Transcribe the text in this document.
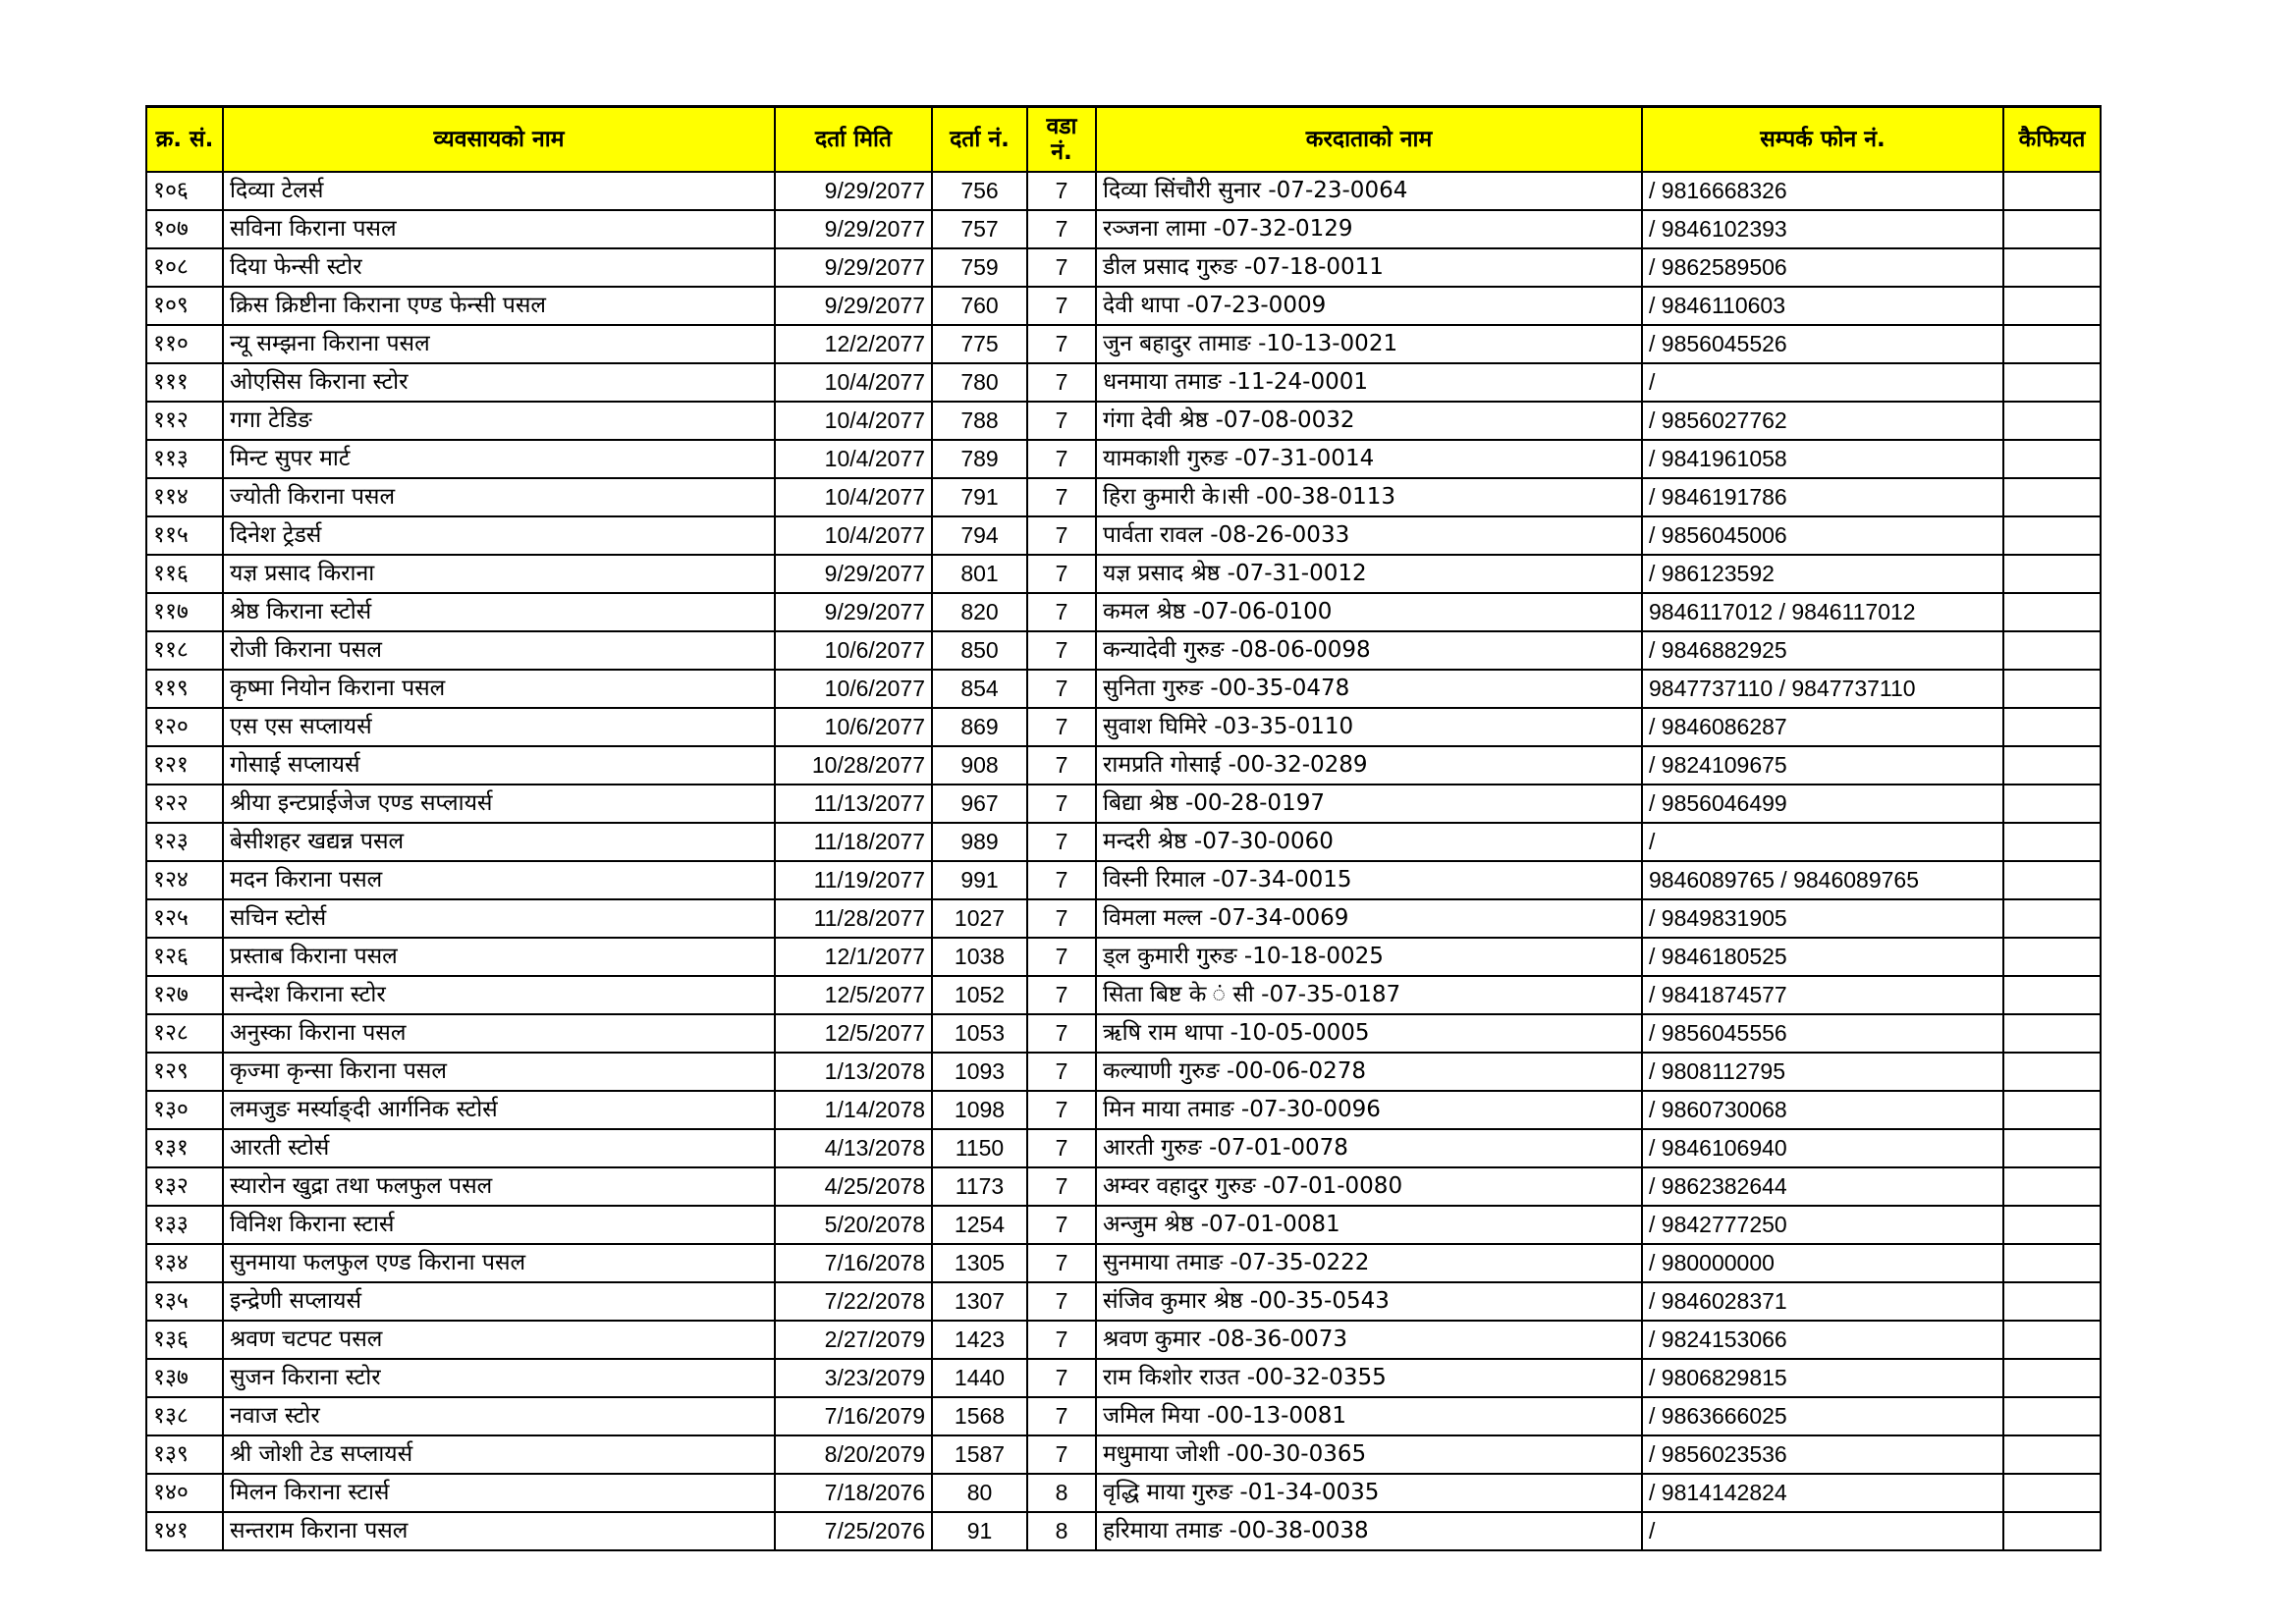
क्र. सं.	व्यवसायको नाम	दर्ता मिति	दर्ता नं.	वडा नं.	करदाताको नाम	सम्पर्क फोन नं.	कैफियत
१०६	दिव्या टेलर्स	9/29/2077	756	7	दिव्या सिंचौरी सुनार -07-23-0064	/ 9816668326	
१०७	सविना किराना पसल	9/29/2077	757	7	रञ्जना लामा -07-32-0129	/ 9846102393	
१०८	दिया फेन्सी स्टोर	9/29/2077	759	7	डील प्रसाद गुरुङ -07-18-0011	/ 9862589506	
१०९	क्रिस क्रिष्टीना किराना एण्ड फेन्सी पसल	9/29/2077	760	7	देवी थापा -07-23-0009	/ 9846110603	
११०	न्यू सम्झना किराना पसल	12/2/2077	775	7	जुन बहादुर तामाङ -10-13-0021	/ 9856045526	
१११	ओएसिस किराना स्टोर	10/4/2077	780	7	धनमाया तमाङ -11-24-0001	/	
११२	गगा टेडिङ	10/4/2077	788	7	गंगा देवी श्रेष्ठ -07-08-0032	/ 9856027762	
११३	मिन्ट सुपर मार्ट	10/4/2077	789	7	यामकाशी गुरुङ -07-31-0014	/ 9841961058	
११४	ज्योती किराना पसल	10/4/2077	791	7	हिरा कुमारी के।सी -00-38-0113	/ 9846191786	
११५	दिनेश ट्रेडर्स	10/4/2077	794	7	पार्वता रावल -08-26-0033	/ 9856045006	
११६	यज्ञ प्रसाद किराना	9/29/2077	801	7	यज्ञ प्रसाद श्रेष्ठ -07-31-0012	/ 986123592	
११७	श्रेष्ठ किराना स्टोर्स	9/29/2077	820	7	कमल श्रेष्ठ -07-06-0100	9846117012 / 9846117012	
११८	रोजी किराना पसल	10/6/2077	850	7	कन्यादेवी गुरुङ -08-06-0098	/ 9846882925	
११९	कृष्मा नियोन किराना पसल	10/6/2077	854	7	सुनिता गुरुङ -00-35-0478	9847737110 / 9847737110	
१२०	एस एस सप्लायर्स	10/6/2077	869	7	सुवाश घिमिरे -03-35-0110	/ 9846086287	
१२१	गोसाई सप्लायर्स	10/28/2077	908	7	रामप्रति गोसाई -00-32-0289	/ 9824109675	
१२२	श्रीया इन्टप्राईजेज एण्ड सप्लायर्स	11/13/2077	967	7	बिद्या श्रेष्ठ -00-28-0197	/ 9856046499	
१२३	बेसीशहर खद्यन्न पसल	11/18/2077	989	7	मन्दरी श्रेष्ठ -07-30-0060	/	
१२४	मदन किराना पसल	11/19/2077	991	7	विस्नी रिमाल -07-34-0015	9846089765 / 9846089765	
१२५	सचिन स्टोर्स	11/28/2077	1027	7	विमला मल्ल -07-34-0069	/ 9849831905	
१२६	प्रस्ताब किराना पसल	12/1/2077	1038	7	ड्ल कुमारी गुरुङ -10-18-0025	/ 9846180525	
१२७	सन्देश किराना स्टोर	12/5/2077	1052	7	सिता बिष्ट के ं सी -07-35-0187	/ 9841874577	
१२८	अनुस्का किराना पसल	12/5/2077	1053	7	ऋषि राम थापा -10-05-0005	/ 9856045556	
१२९	कृज्मा कृन्सा किराना पसल	1/13/2078	1093	7	कल्याणी गुरुङ -00-06-0278	/ 9808112795	
१३०	लमजुङ मर्स्याङ्दी आर्गनिक स्टोर्स	1/14/2078	1098	7	मिन माया तमाङ -07-30-0096	/ 9860730068	
१३१	आरती स्टोर्स	4/13/2078	1150	7	आरती गुरुङ -07-01-0078	/ 9846106940	
१३२	स्यारोन खुद्रा तथा फलफुल पसल	4/25/2078	1173	7	अम्वर वहादुर गुरुङ -07-01-0080	/ 9862382644	
१३३	विनिश किराना स्टार्स	5/20/2078	1254	7	अन्जुम श्रेष्ठ -07-01-0081	/ 9842777250	
१३४	सुनमाया फलफुल एण्ड किराना पसल	7/16/2078	1305	7	सुनमाया तमाङ -07-35-0222	/ 980000000	
१३५	इन्द्रेणी सप्लायर्स	7/22/2078	1307	7	संजिव कुमार श्रेष्ठ -00-35-0543	/ 9846028371	
१३६	श्रवण चटपट पसल	2/27/2079	1423	7	श्रवण कुमार -08-36-0073	/ 9824153066	
१३७	सुजन किराना स्टोर	3/23/2079	1440	7	राम किशोर राउत -00-32-0355	/ 9806829815	
१३८	नवाज स्टोर	7/16/2079	1568	7	जमिल मिया -00-13-0081	/ 9863666025	
१३९	श्री जोशी टेड सप्लायर्स	8/20/2079	1587	7	मधुमाया जोशी -00-30-0365	/ 9856023536	
१४०	मिलन किराना स्टार्स	7/18/2076	80	8	वृद्धि माया गुरुङ -01-34-0035	/ 9814142824	
१४१	सन्तराम किराना पसल	7/25/2076	91	8	हरिमाया तमाङ -00-38-0038	/	
